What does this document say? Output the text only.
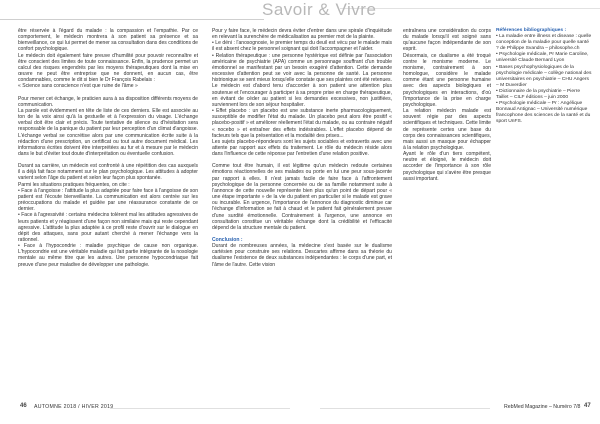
Savoir & Vivre

être réservée à l'égard du malade : la compassion et l'empathie. Par ce comportement, le médecin montrera à son patient sa présence et sa bienveillance, ce qui lui permet de mener sa consultation dans des conditions de confort psychologique.

Le médecin doit également faire preuve d'humilité pour pouvoir reconnaître et être conscient des limites de toute connaissance. Enfin, la prudence permet un calcul des risques engendrés par les moyens thérapeutiques dont la mise en œuvre ne peut être entreprise que ne donnent, en aucun cas, être condamnables, comme le dit si bien le Dr François Rabelais :

« Science sans conscience n'est que ruine de l'âme »

Pour mener cet échange, le praticien aura à sa disposition différents moyens de communication.

La parole est évidemment en tête de liste de ces derniers. Elle est associée au ton de la voix ainsi qu'à la gestuelle et à l'expression du visage. L'échange verbal doit être clair et précis. Toute tentative de silence ou d'hésitation sera responsable de la panique du patient par leur perception d'un climat d'angoisse. L'échange verbal se concrétise alors par une communication écrite suite à la rédaction d'une prescription, un certificat ou tout autre document médical. Les informations écrites doivent être interprétées au fur et à mesure par le médecin dans le but d'éviter tout doute d'interprétation ou éventuelle confusion.

Durant sa carrière, un médecin est confronté à une répétition des cas auxquels il a déjà fait face notamment sur le plan psychologique. Les attitudes à adopter varient selon l'âge du patient et selon leur façon plus spontanée.

Parmi les situations pratiques fréquentes, on cite :

• Face à l'angoisse : l'attitude la plus adaptée pour faire face à l'angoisse de son patient est l'écoute bienveillante. La communication est alors centrée sur les préoccupations du malade et guidée par une réassurance constante de ce dernier.

• Face à l'agressivité : certains médecins tolèrent mal les attitudes agressives de leurs patients et y réagissent d'une façon non similaire mais qui reste cependant agressive. L'attitude la plus adaptée à ce profil reste d'ouvrir sur le dialogue en dépit des attaques, sans pour autant cherché à mener l'échange vers la rationnel.

• Face à l'hypocondrie : maladie psychique de cause non organique. L'hypocondrie est une véritable maladie qui fait partie intégrante de la nosologie mentale au même titre que les autres. Une personne hypocondriaque fait preuve d'une peur maladive de développer une pathologie.

Pour y faire face, le médecin devra éviter d'entrer dans une spirale d'inquiétude en relevant la surenchère de médicalisation au premier mot de la plainte.

• Le déni : l'anosognosie, le premier temps du deuil est vécu par le malade mais il est absent chez le personnel soignant qui doit l'accompagner et l'aider.

• Relation thérapeutique : une personne hystérique est définie par l'association américaine de psychiatrie (APA) comme un personnage souffrant d'un trouble émotionnel se manifestant par un besoin exagéré d'attention. Cette demande excessive d'attention peut se voir avec la personne de santé. La personne histrionique se sent mieux lorsqu'elle constate que ses plaintes ont été retenues. Le médecin est d'abord tenu d'accorder à son patient une attention plus soutenue et l'encourager à participer à sa propre prise en charge thérapeutique, en évitant de céder au patient si les demandes excessives, non justifiées, surviennent lors de son séjour hospitalier.

• Effet placebo : un placebo est une substance inerte pharmacologiquement, susceptible de modifier l'état du malade. Un placebo peut alors être positif « placebo-positif » et améliorer réellement l'état du malade, ou au contraire négatif « nocebo » et entraîner des effets indésirables. L'effet placebo dépend de facteurs tels que la présentation et la modalité des prises...

Les sujets placebo-répondeurs sont les sujets sociables et extravertis avec une attente par rapport aux effets du traitement. Le rôle du médecin réside alors dans l'influence de cette réponse par l'entretien d'une relation positive.

Comme tout être humain, il est légitime qu'un médecin redoute certaines émotions réactionnelles de ses malades ou porte en lui une peur sous-jacente par rapport à elles. Il n'est jamais facile de faire face à l'affrontement psychologique de la personne concernée ou de sa famille notamment suite à l'annonce de cette nouvelle représente bien plus qu'un point de départ pour « une étape importante » de la vie du patient en particulier si le malade est grave ou incurable. En urgence, l'importance de l'annonce du diagnostic diminue car l'échange d'information se fait à chaud et le patient fait généralement preuve d'une surdité émotionnelle. Contrairement à l'urgence, une annonce en consultation constitue un véritable échange dont la crédibilité et l'efficacité dépend de la structure mentale du patient.

Conclusion :

Durant de nombreuses années, la médecine s'est basée sur le dualisme cartésien pour construire ses relations. Descartes affirme dans sa théorie du dualisme l'existence de deux substances indépendantes : le corps d'une part, et l'âme de l'autre. Cette vision

entraînera une considération du corps du malade lorsqu'il est soigné sans qu'aucune façon indépendante de son esprit.

Désormais, ce dualisme a été troqué contre le monisme moderne. Le monisme, contrairement à son homologue, considère le malade comme étant une personne humaine avec des aspects biologiques et psychologiques en interactions, d'où l'importance de la prise en charge psychologique.

La relation médecin malade est souvent régie par des aspects scientifiques et techniques. Cette limite de représente certes une base du corps des connaissances scientifiques, mais aussi un masque pour échapper à la relation psychologique.

Ayant le rôle d'un tiers compétent, neutre et éloigné, le médecin doit accorder de l'importance à son rôle psychologique qui s'avère être presque aussi important.

Références bibliographiques :
• La maladie entre illness et disease : quelle conception de la maladie pour quelle santé ? de Philippe Svandra – philosophe.ch
• Psychologie médicale, Pr Marie Caroline, université Claude Bernard Lyon
• Bases psychophysiologiques de la psychologie médicale – collège national des universitaires en psychiatrie – CHU Angers – M Duverdier
• Dictionnaire de la psychiatrie – Pierre Taillet – CILF éditions – juin 2000
• Psychologie médicale – Pr : Angélique Bonnaud Antignac – Université numérique francophone des sciences de la santé et du sport UnFS.
46 AUTOMNE 2018 / HIVER 2019	RebMed Magazine – Numéro 7/8 47
